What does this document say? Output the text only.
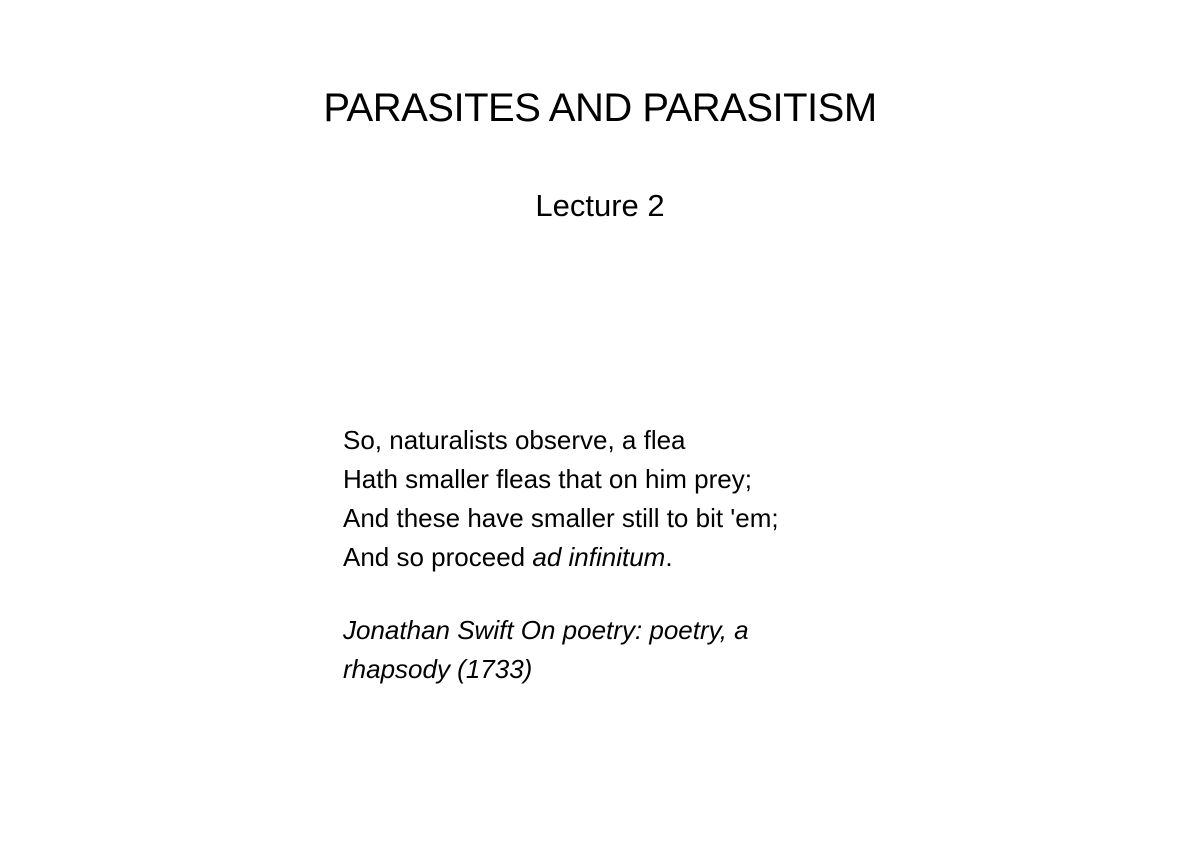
PARASITES AND PARASITISM
Lecture 2
So, naturalists observe, a flea
Hath smaller fleas that on him prey;
And these have smaller still to bit 'em;
And so proceed ad infinitum.
Jonathan Swift On poetry: poetry, a
rhapsody (1733)
